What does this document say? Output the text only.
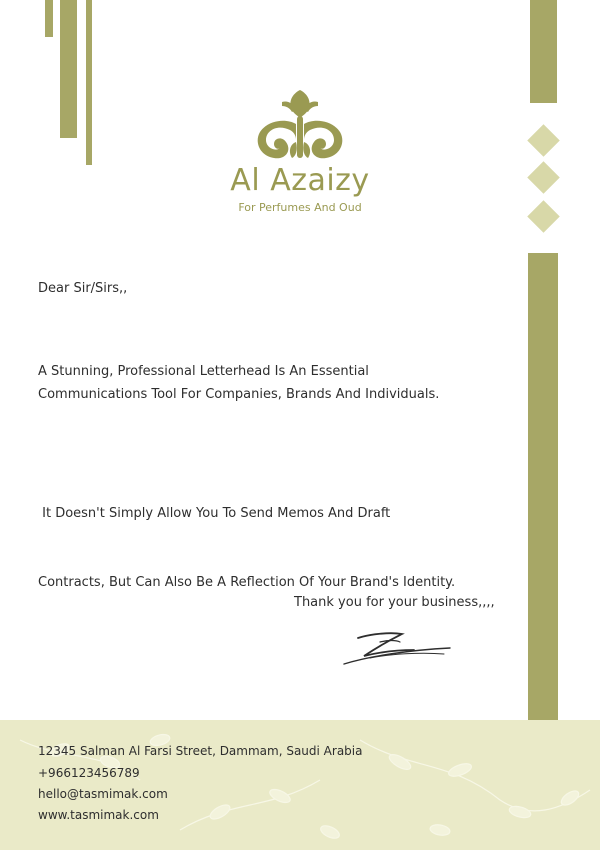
Al Azaizy
For Perfumes And Oud
Dear Sir/Sirs,,
A Stunning, Professional Letterhead Is An Essential
Communications Tool For Companies, Brands And Individuals.

It Doesn't Simply Allow You To Send Memos And Draft

Contracts, But Can Also Be A Reflection Of Your Brand's Identity.

Thank you for your business,,,,
12345 Salman Al Farsi Street, Dammam, Saudi Arabia
+966123456789
hello@tasmimak.com
www.tasmimak.com
